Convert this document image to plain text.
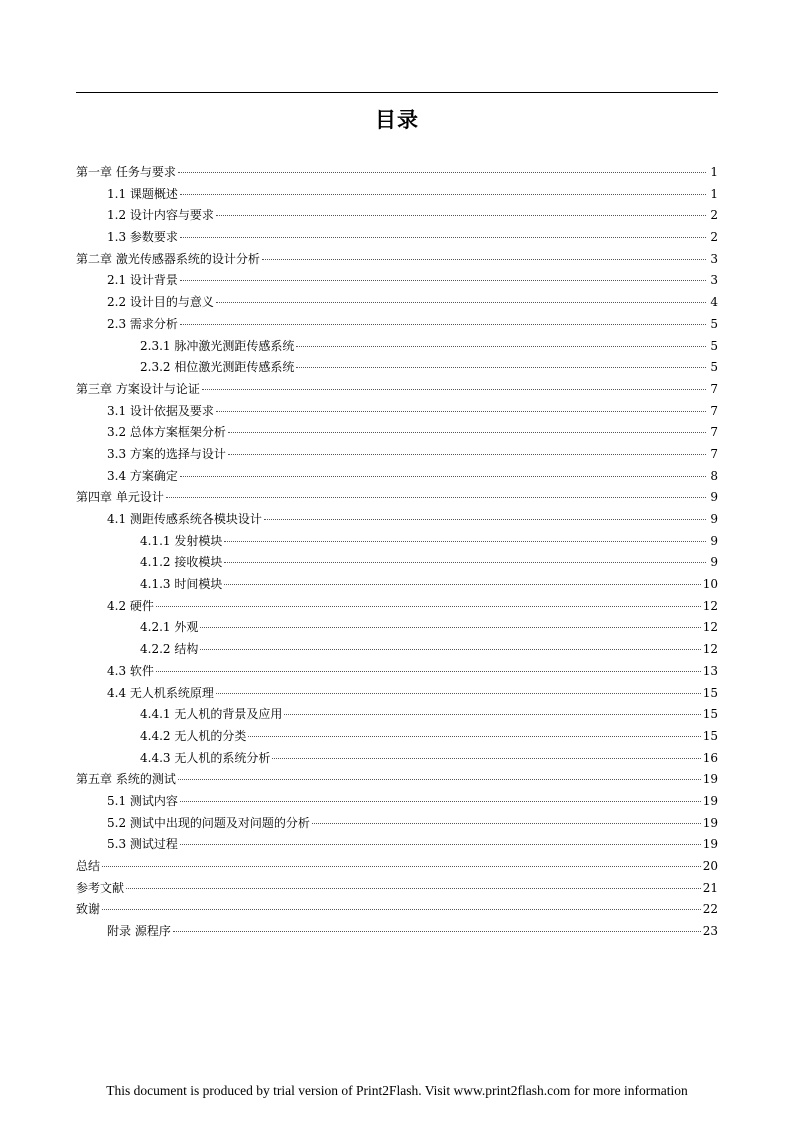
目录
第一章 任务与要求	1
1.1 课题概述	1
1.2 设计内容与要求	2
1.3 参数要求	2
第二章 激光传感器系统的设计分析	3
2.1 设计背景	3
2.2 设计目的与意义	4
2.3 需求分析	5
2.3.1 脉冲激光测距传感系统	5
2.3.2 相位激光测距传感系统	5
第三章 方案设计与论证	7
3.1 设计依据及要求	7
3.2 总体方案框架分析	7
3.3 方案的选择与设计	7
3.4 方案确定	8
第四章 单元设计	9
4.1 测距传感系统各模块设计	9
4.1.1 发射模块	9
4.1.2 接收模块	9
4.1.3 时间模块	10
4.2 硬件	12
4.2.1 外观	12
4.2.2 结构	12
4.3 软件	13
4.4 无人机系统原理	15
4.4.1 无人机的背景及应用	15
4.4.2 无人机的分类	15
4.4.3 无人机的系统分析	16
第五章 系统的测试	19
5.1 测试内容	19
5.2 测试中出现的问题及对问题的分析	19
5.3 测试过程	19
总结	20
参考文献	21
致谢	22
附录 源程序	23
This document is produced by trial version of Print2Flash. Visit www.print2flash.com for more information
